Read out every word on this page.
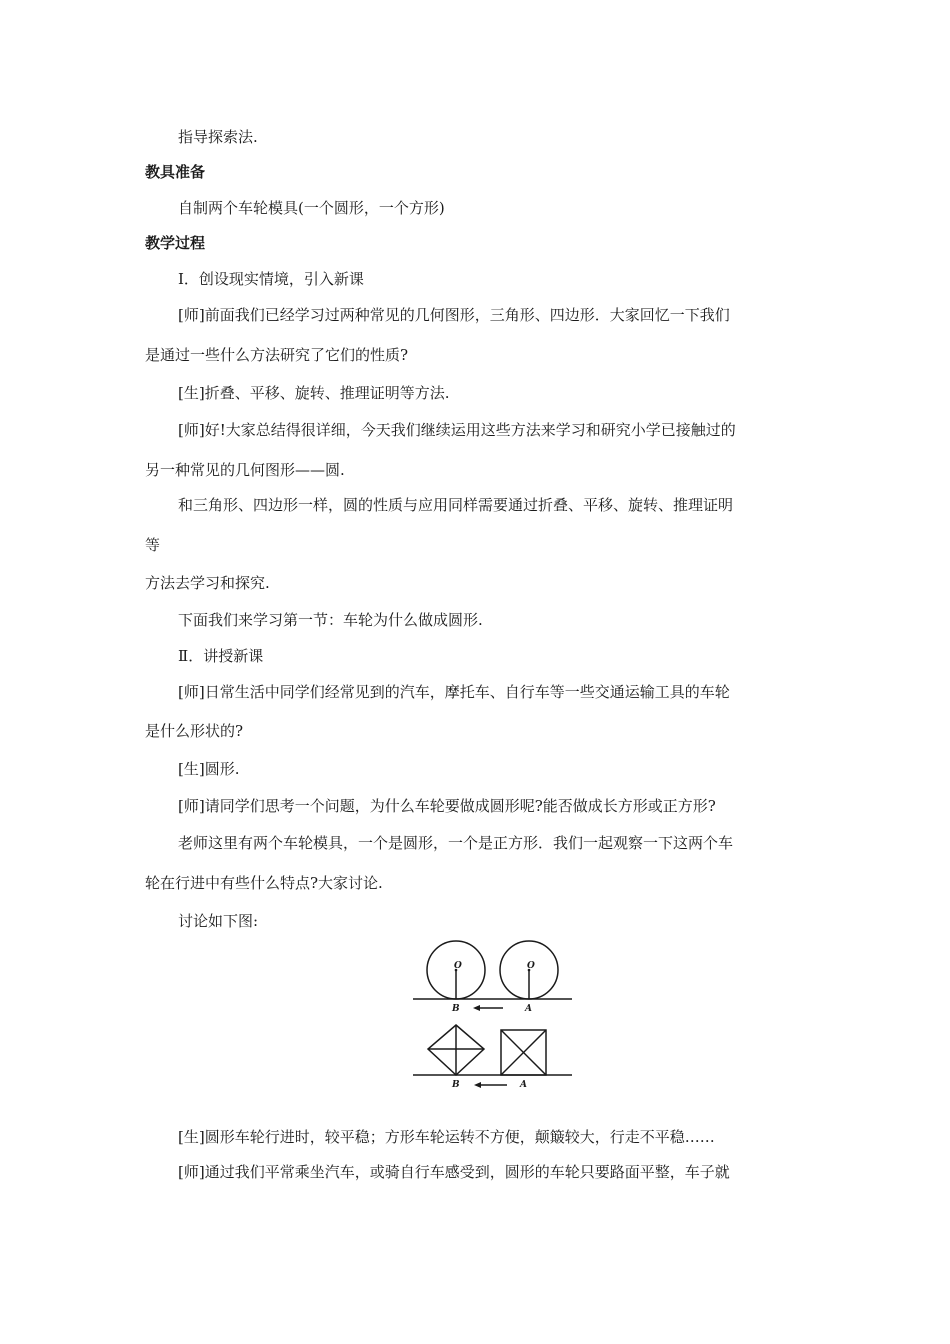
指导探索法.
教具准备
自制两个车轮模具(一个圆形，一个方形)
教学过程
Ⅰ．创设现实情境，引入新课
[师]前面我们已经学习过两种常见的几何图形，三角形、四边形．大家回忆一下我们
是通过一些什么方法研究了它们的性质?
[生]折叠、平移、旋转、推理证明等方法.
[师]好!大家总结得很详细，今天我们继续运用这些方法来学习和研究小学已接触过的
另一种常见的几何图形——圆.
和三角形、四边形一样，圆的性质与应用同样需要通过折叠、平移、旋转、推理证明
等
方法去学习和探究.
下面我们来学习第一节：车轮为什么做成圆形.
Ⅱ．讲授新课
[师]日常生活中同学们经常见到的汽车，摩托车、自行车等一些交通运输工具的车轮
是什么形状的?
[生]圆形.
[师]请同学们思考一个问题，为什么车轮要做成圆形呢?能否做成长方形或正方形?
老师这里有两个车轮模具，一个是圆形，一个是正方形．我们一起观察一下这两个车
轮在行进中有些什么特点?大家讨论.
讨论如下图:
O	O
B	A
B	A
[生]圆形车轮行进时，较平稳；方形车轮运转不方便，颠簸较大，行走不平稳……
[师]通过我们平常乘坐汽车，或骑自行车感受到，圆形的车轮只要路面平整，车子就
